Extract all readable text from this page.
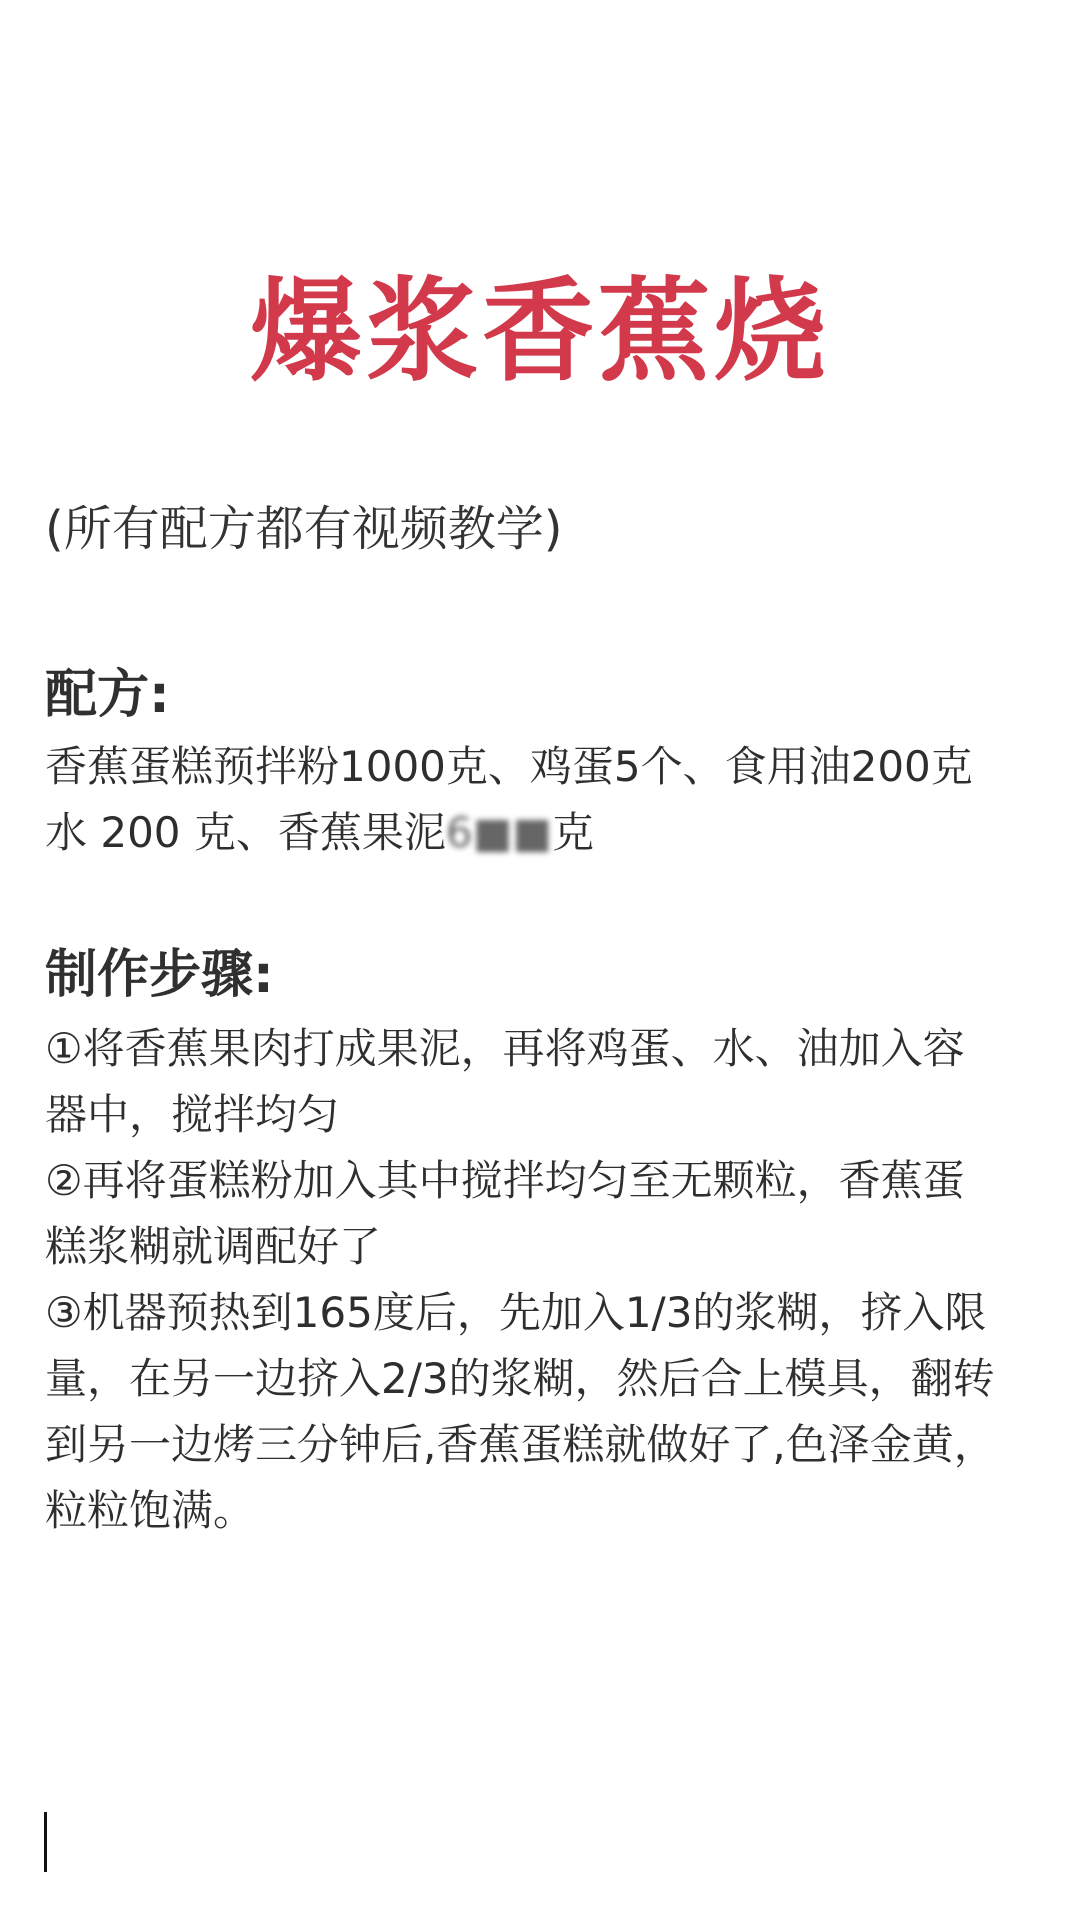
爆浆香蕉烧
(所有配方都有视频教学)
配方:
香蕉蛋糕预拌粉1000克、鸡蛋5个、食用油200克
水 200 克、香蕉果泥6■■克
制作步骤:
①将香蕉果肉打成果泥，再将鸡蛋、水、油加入容
器中，搅拌均匀
②再将蛋糕粉加入其中搅拌均匀至无颗粒，香蕉蛋
糕浆糊就调配好了
③机器预热到165度后，先加入1/3的浆糊，挤入限
量，在另一边挤入2/3的浆糊，然后合上模具，翻转
到另一边烤三分钟后,香蕉蛋糕就做好了,色泽金黄，
粒粒饱满。
